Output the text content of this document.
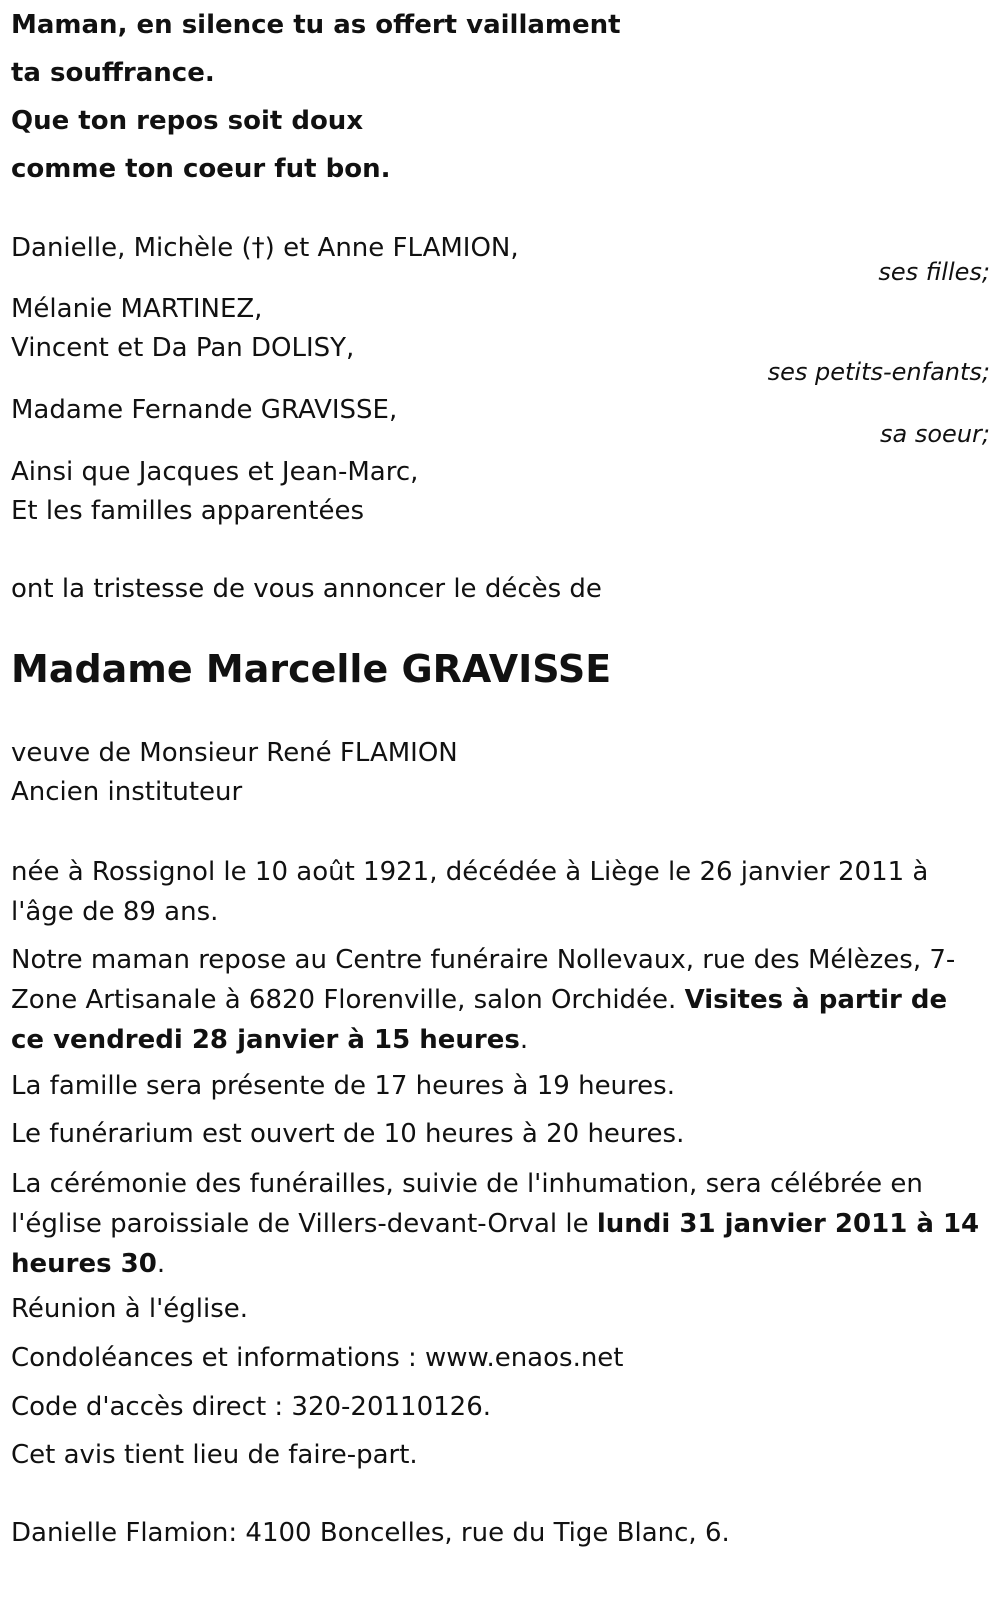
Maman, en silence tu as offert vaillament
ta souffrance.
Que ton repos soit doux
comme ton coeur fut bon.
Danielle, Michèle (†) et Anne FLAMION,
ses filles;
Mélanie MARTINEZ,
Vincent et Da Pan DOLISY,
ses petits-enfants;
Madame Fernande GRAVISSE,
sa soeur;
Ainsi que Jacques et Jean-Marc,
Et les familles apparentées
ont la tristesse de vous annoncer le décès de
Madame Marcelle GRAVISSE
veuve de Monsieur René FLAMION
Ancien instituteur
née à Rossignol le 10 août 1921, décédée à Liège le 26 janvier 2011 à l'âge de 89 ans.
Notre maman repose au Centre funéraire Nollevaux, rue des Mélèzes, 7-Zone Artisanale à 6820 Florenville, salon Orchidée. Visites à partir de ce vendredi 28 janvier à 15 heures.
La famille sera présente de 17 heures à 19 heures.
Le funérarium est ouvert de 10 heures à 20 heures.
La cérémonie des funérailles, suivie de l'inhumation, sera célébrée en l'église paroissiale de Villers-devant-Orval le lundi 31 janvier 2011 à 14 heures 30.
Réunion à l'église.
Condoléances et informations : www.enaos.net
Code d'accès direct : 320-20110126.
Cet avis tient lieu de faire-part.
Danielle Flamion: 4100 Boncelles, rue du Tige Blanc, 6.
